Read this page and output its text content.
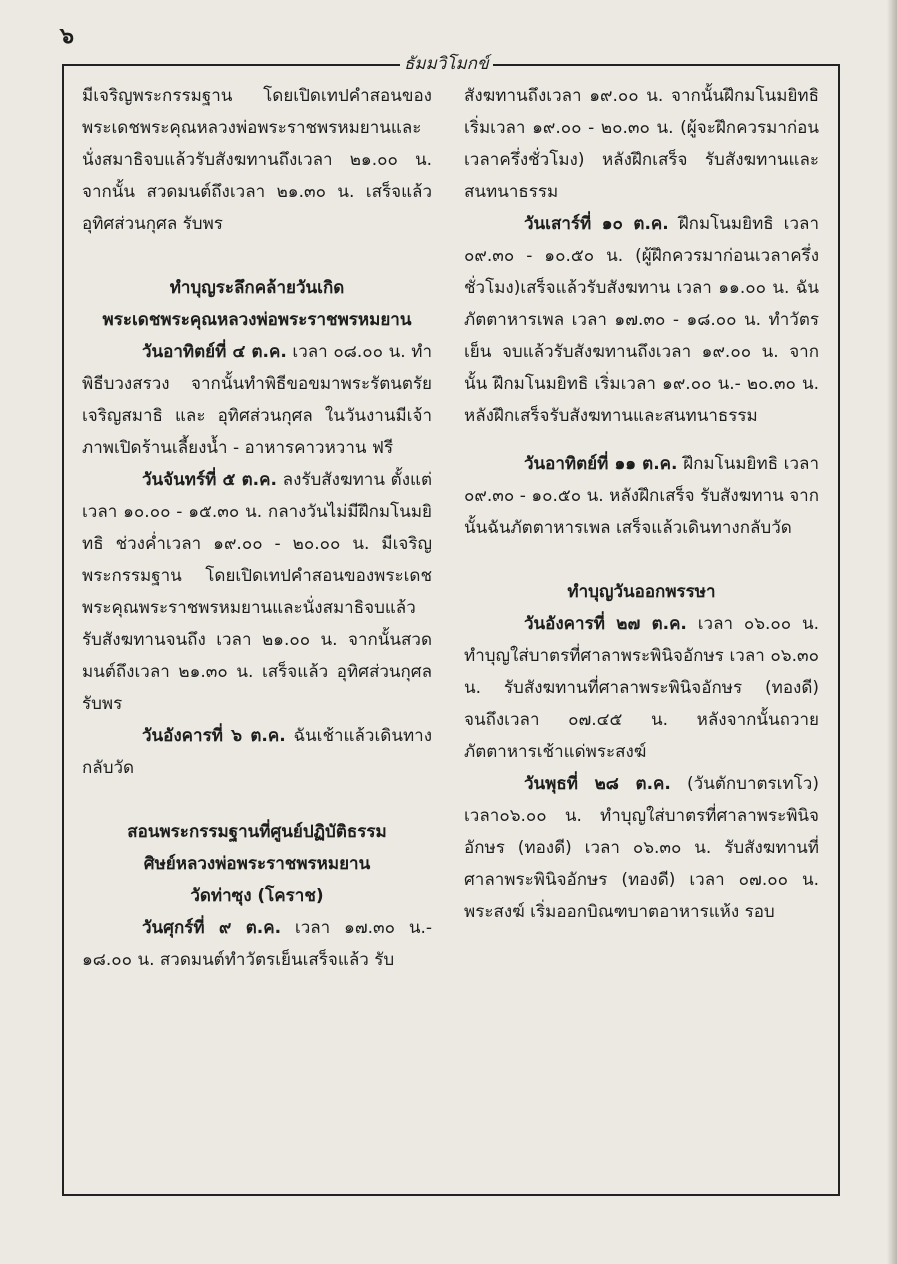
๖
ธัมมวิโมกข์

มีเจริญพระกรรมฐาน โดยเปิดเทปคำสอนของพระเดชพระคุณหลวงพ่อพระราชพรหมยานและนั่งสมาธิจบแล้วรับสังฆทานถึงเวลา ๒๑.๐๐ น. จากนั้น สวดมนต์ถึงเวลา ๒๑.๓๐ น. เสร็จแล้วอุทิศส่วนกุศล รับพร

ทำบุญระลึกคล้ายวันเกิด

พระเดชพระคุณหลวงพ่อพระราชพรหมยาน

วันอาทิตย์ที่ ๔ ต.ค. เวลา ๐๘.๐๐ น. ทำพิธีบวงสรวง จากนั้นทำพิธีขอขมาพระรัตนตรัย เจริญสมาธิ และ อุทิศส่วนกุศล ในวันงานมีเจ้าภาพเปิดร้านเลี้ยงน้ำ - อาหารคาวหวาน ฟรี

วันจันทร์ที่ ๕ ต.ค. ลงรับสังฆทาน ตั้งแต่เวลา ๑๐.๐๐ - ๑๕.๓๐ น. กลางวันไม่มีฝึกมโนมยิทธิ ช่วงค่ำเวลา ๑๙.๐๐ - ๒๐.๐๐ น. มีเจริญพระกรรมฐาน โดยเปิดเทปคำสอนของพระเดชพระคุณพระราชพรหมยานและนั่งสมาธิจบแล้วรับสังฆทานจนถึง เวลา ๒๑.๐๐ น. จากนั้นสวดมนต์ถึงเวลา ๒๑.๓๐ น. เสร็จแล้ว อุทิศส่วนกุศล รับพร

วันอังคารที่ ๖ ต.ค. ฉันเช้าแล้วเดินทางกลับวัด

สอนพระกรรมฐานที่ศูนย์ปฏิบัติธรรม

ศิษย์หลวงพ่อพระราชพรหมยาน

วัดท่าซุง (โคราช)

วันศุกร์ที่ ๙ ต.ค. เวลา ๑๗.๓๐ น.- ๑๘.๐๐ น. สวดมนต์ทำวัตรเย็นเสร็จแล้ว รับ

สังฆทานถึงเวลา ๑๙.๐๐ น. จากนั้นฝึกมโนมยิทธิ เริ่มเวลา ๑๙.๐๐ - ๒๐.๓๐ น. (ผู้จะฝึกควรมาก่อนเวลาครึ่งชั่วโมง) หลังฝึกเสร็จ รับสังฆทานและสนทนาธรรม

วันเสาร์ที่ ๑๐ ต.ค. ฝึกมโนมยิทธิ เวลา ๐๙.๓๐ - ๑๐.๕๐ น. (ผู้ฝึกควรมาก่อนเวลาครึ่งชั่วโมง)เสร็จแล้วรับสังฆทาน เวลา ๑๑.๐๐ น. ฉันภัตตาหารเพล เวลา ๑๗.๓๐ - ๑๘.๐๐ น. ทำวัตรเย็น จบแล้วรับสังฆทานถึงเวลา ๑๙.๐๐ น. จากนั้น ฝึกมโนมยิทธิ เริ่มเวลา ๑๙.๐๐ น.- ๒๐.๓๐ น. หลังฝึกเสร็จรับสังฆทานและสนทนาธรรม

วันอาทิตย์ที่ ๑๑ ต.ค. ฝึกมโนมยิทธิ เวลา ๐๙.๓๐ - ๑๐.๕๐ น. หลังฝึกเสร็จ รับสังฆทาน จากนั้นฉันภัตตาหารเพล เสร็จแล้วเดินทางกลับวัด

ทำบุญวันออกพรรษา

วันอังคารที่ ๒๗ ต.ค. เวลา ๐๖.๐๐ น. ทำบุญใส่บาตรที่ศาลาพระพินิจอักษร เวลา ๐๖.๓๐ น. รับสังฆทานที่ศาลาพระพินิจอักษร (ทองดี) จนถึงเวลา ๐๗.๔๕ น. หลังจากนั้นถวายภัตตาหารเช้าแด่พระสงฆ์

วันพุธที่ ๒๘ ต.ค. (วันตักบาตรเทโว) เวลา๐๖.๐๐ น. ทำบุญใส่บาตรที่ศาลาพระพินิจอักษร (ทองดี) เวลา ๐๖.๓๐ น. รับสังฆทานที่ศาลาพระพินิจอักษร (ทองดี) เวลา ๐๗.๐๐ น. พระสงฆ์ เริ่มออกบิณฑบาตอาหารแห้ง รอบ
